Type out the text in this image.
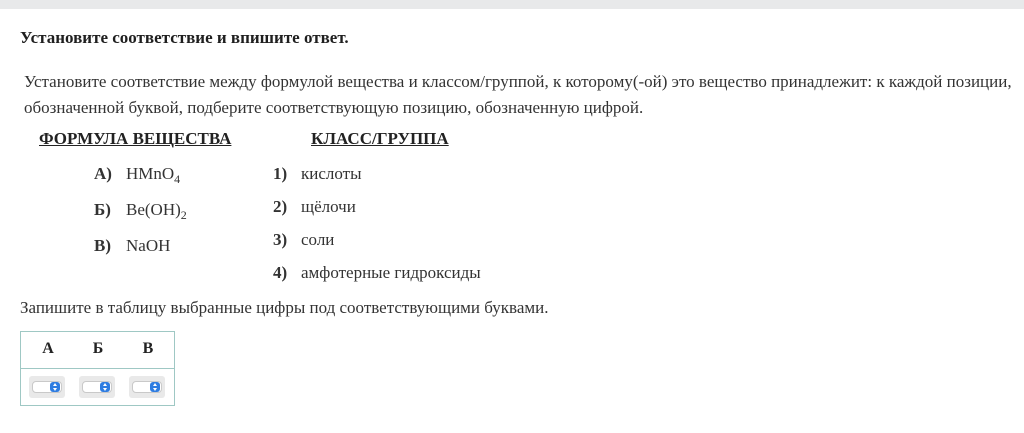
Установите соответствие и впишите ответ.
Установите соответствие между формулой вещества и классом/группой, к которому(-ой) это вещество принадлежит: к каждой позиции, обозначенной буквой, подберите соответствующую позицию, обозначенную цифрой.
ФОРМУЛА ВЕЩЕСТВА	КЛАСС/ГРУППА
А) HMnO$_4$
Б) $Be(OH)_2$
В) NaOH
1) кислоты
2) щёлочи
3) соли
4) амфотерные гидроксиды
Запишите в таблицу выбранные цифры под соответствующими буквами.
А	Б	В
